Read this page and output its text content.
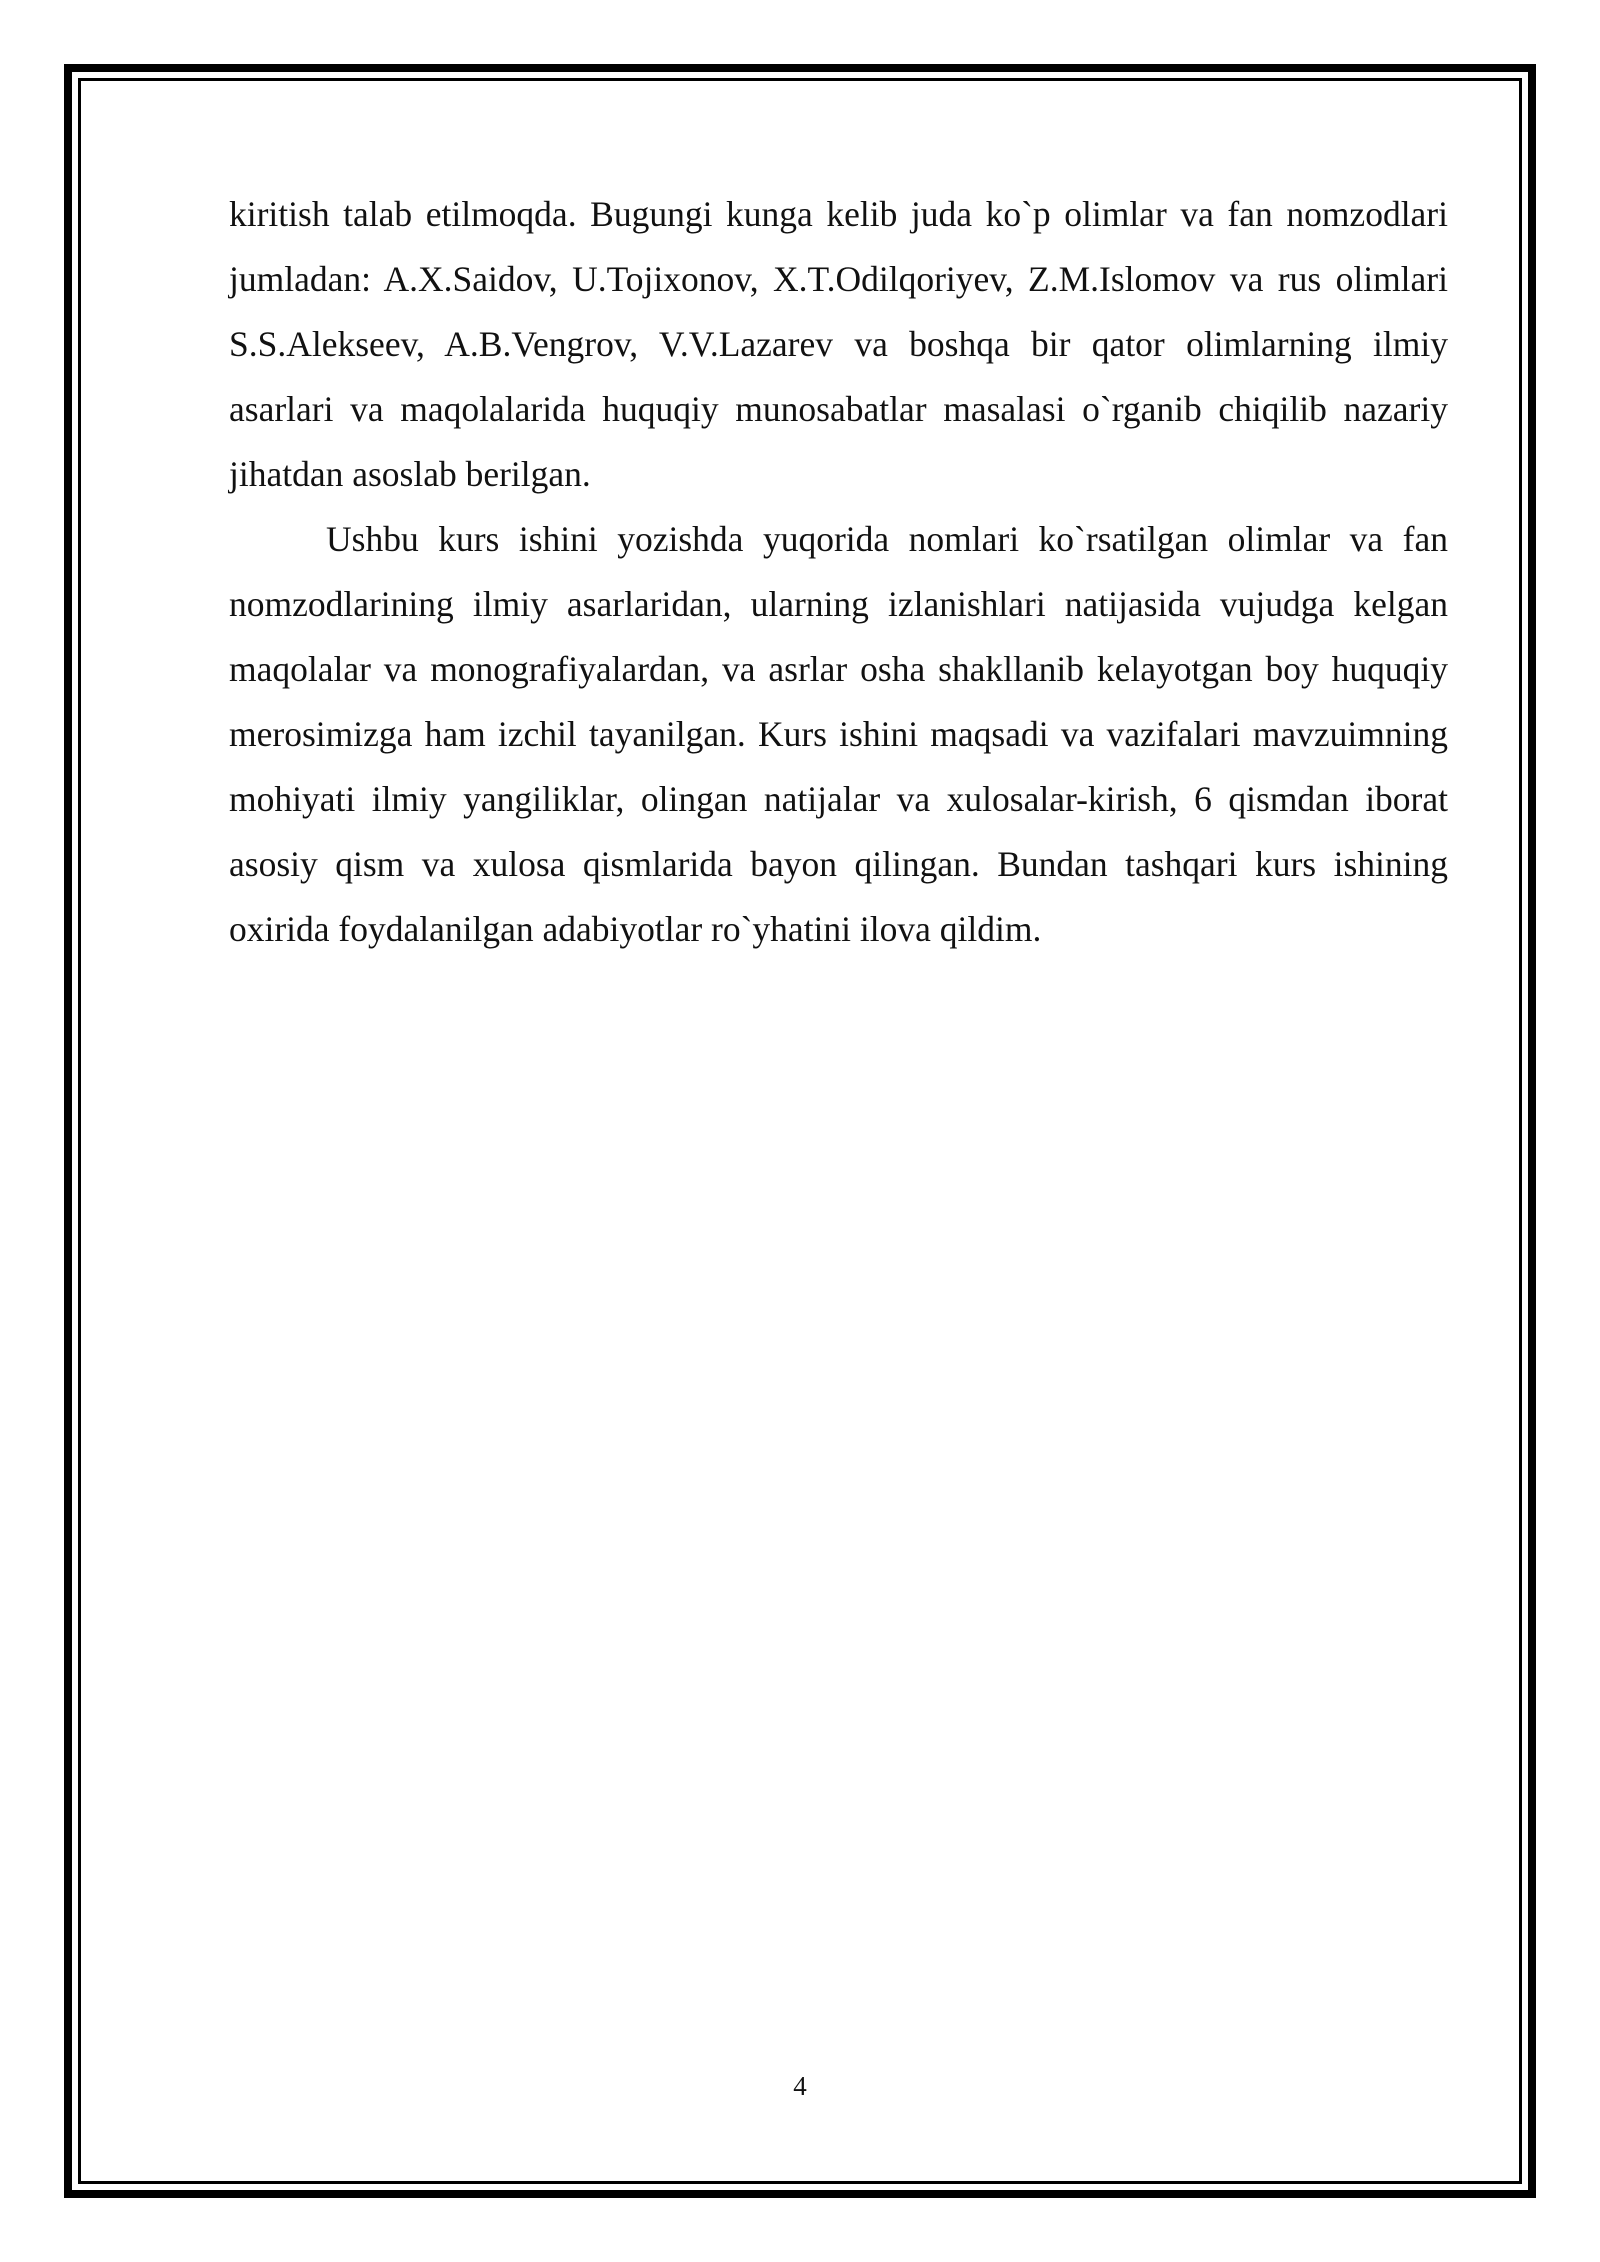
kiritish talab etilmoqda. Bugungi kunga kelib juda ko`p olimlar va fan nomzodlari jumladan: A.X.Saidov, U.Tojixonov, X.T.Odilqoriyev, Z.M.Islomov va rus olimlari S.S.Alekseev, A.B.Vengrov, V.V.Lazarev va boshqa bir qator olimlarning ilmiy asarlari va maqolalarida huquqiy munosabatlar masalasi o`rganib chiqilib nazariy jihatdan asoslab berilgan.

Ushbu kurs ishini yozishda yuqorida nomlari ko`rsatilgan olimlar va fan nomzodlarining ilmiy asarlaridan, ularning izlanishlari natijasida vujudga kelgan maqolalar va monografiyalardan, va asrlar osha shakllanib kelayotgan boy huquqiy merosimizga ham izchil tayanilgan. Kurs ishini maqsadi va vazifalari mavzuimning mohiyati ilmiy yangiliklar, olingan natijalar va xulosalar-kirish, 6 qismdan iborat asosiy qism va xulosa qismlarida bayon qilingan. Bundan tashqari kurs ishining oxirida foydalanilgan adabiyotlar ro`yhatini ilova qildim.

4
